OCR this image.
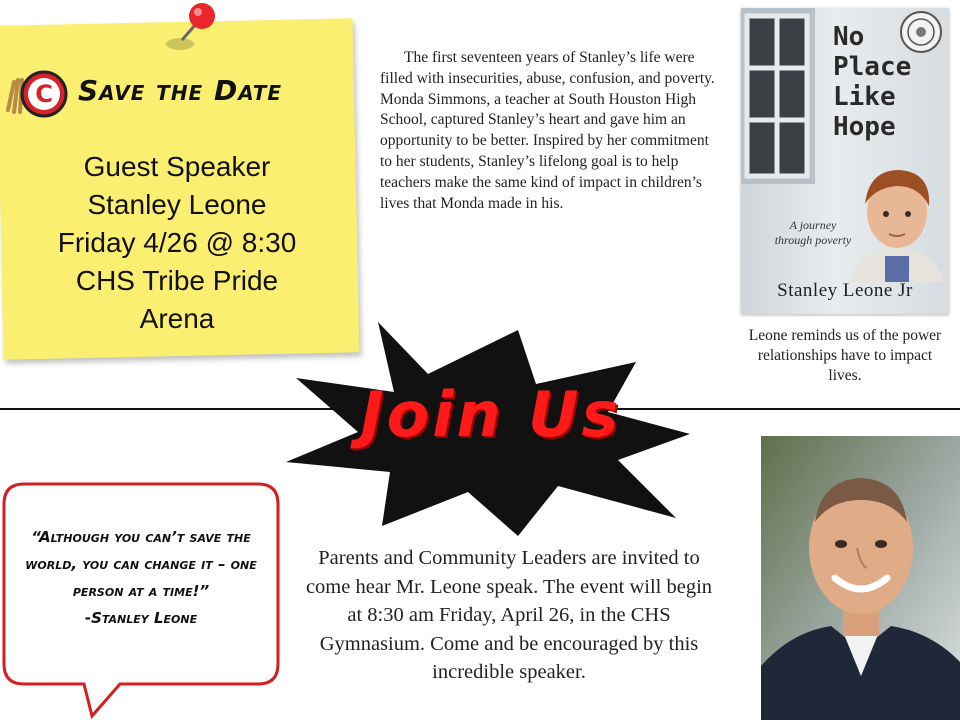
C Save the Date
Guest Speaker
Stanley Leone
Friday 4/26 @ 8:30
CHS Tribe Pride
Arena

The first seventeen years of Stanley’s life were filled with insecurities, abuse, confusion, and poverty. Monda Simmons, a teacher at South Houston High School, captured Stanley’s heart and gave him an opportunity to be better. Inspired by her commitment to her students, Stanley’s lifelong goal is to help teachers make the same kind of impact in children’s lives that Monda made in his.

No
Place
Like
Hope
A journey
through poverty
Stanley Leone Jr

Leone reminds us of the power relationships have to impact lives.

Join Us
“Although you can’t save the world, you can change it – one person at a time!”
-Stanley Leone

Parents and Community Leaders are invited to come hear Mr. Leone speak. The event will begin at 8:30 am Friday, April 26, in the CHS Gymnasium. Come and be encouraged by this incredible speaker.
